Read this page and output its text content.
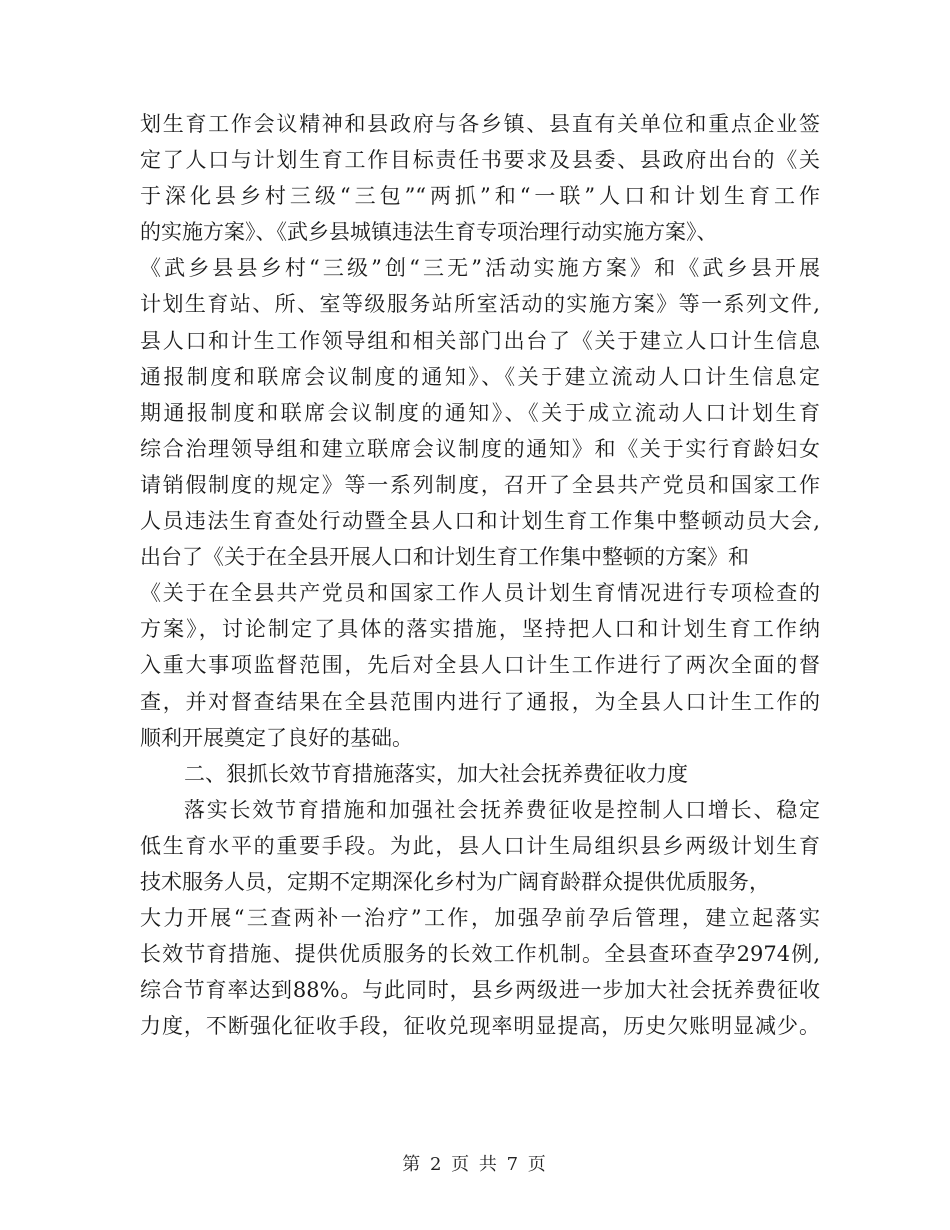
划生育工作会议精神和县政府与各乡镇、县直有关单位和重点企业签
定了人口与计划生育工作目标责任书要求及县委、县政府出台的《关
于深化县乡村三级“三包”“两抓”和“一联”人口和计划生育工作
的实施方案》、《武乡县城镇违法生育专项治理行动实施方案》、
《武乡县县乡村“三级”创“三无”活动实施方案》和《武乡县开展
计划生育站、所、室等级服务站所室活动的实施方案》等一系列文件,
县人口和计生工作领导组和相关部门出台了《关于建立人口计生信息
通报制度和联席会议制度的通知》、《关于建立流动人口计生信息定
期通报制度和联席会议制度的通知》、《关于成立流动人口计划生育
综合治理领导组和建立联席会议制度的通知》和《关于实行育龄妇女
请销假制度的规定》等一系列制度，召开了全县共产党员和国家工作
人员违法生育查处行动暨全县人口和计划生育工作集中整顿动员大会,
出台了《关于在全县开展人口和计划生育工作集中整顿的方案》和
《关于在全县共产党员和国家工作人员计划生育情况进行专项检查的
方案》，讨论制定了具体的落实措施，坚持把人口和计划生育工作纳
入重大事项监督范围，先后对全县人口计生工作进行了两次全面的督
查，并对督查结果在全县范围内进行了通报，为全县人口计生工作的
顺利开展奠定了良好的基础。
二、狠抓长效节育措施落实，加大社会抚养费征收力度
落实长效节育措施和加强社会抚养费征收是控制人口增长、稳定
低生育水平的重要手段。为此，县人口计生局组织县乡两级计划生育
技术服务人员，定期不定期深化乡村为广阔育龄群众提供优质服务，
大力开展“三查两补一治疗”工作，加强孕前孕后管理，建立起落实
长效节育措施、提供优质服务的长效工作机制。全县查环查孕2974例,
综合节育率达到88%。与此同时，县乡两级进一步加大社会抚养费征收
力度，不断强化征收手段，征收兑现率明显提高，历史欠账明显减少。
第 2 页 共 7 页
